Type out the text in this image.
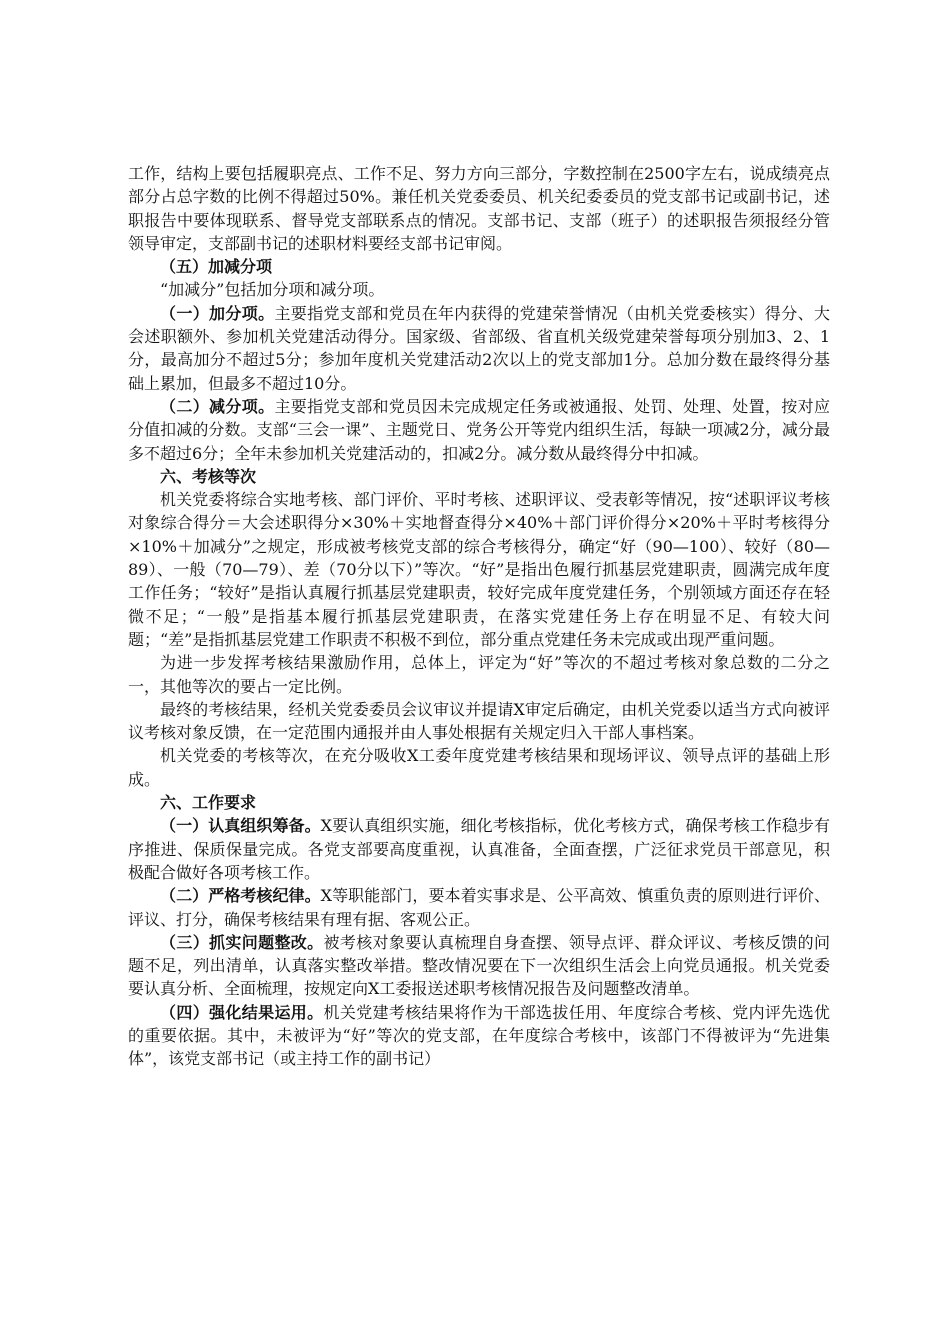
工作，结构上要包括履职亮点、工作不足、努力方向三部分，字数控制在2500字左右，说成绩亮点部分占总字数的比例不得超过50%。兼任机关党委委员、机关纪委委员的党支部书记或副书记，述职报告中要体现联系、督导党支部联系点的情况。支部书记、支部（班子）的述职报告须报经分管领导审定，支部副书记的述职材料要经支部书记审阅。

（五）加减分项

“加减分”包括加分项和减分项。

（一）加分项。主要指党支部和党员在年内获得的党建荣誉情况（由机关党委核实）得分、大会述职额外、参加机关党建活动得分。国家级、省部级、省直机关级党建荣誉每项分别加3、2、1分，最高加分不超过5分；参加年度机关党建活动2次以上的党支部加1分。总加分数在最终得分基础上累加，但最多不超过10分。

（二）减分项。主要指党支部和党员因未完成规定任务或被通报、处罚、处理、处置，按对应分值扣减的分数。支部“三会一课”、主题党日、党务公开等党内组织生活，每缺一项减2分，减分最多不超过6分；全年未参加机关党建活动的，扣减2分。减分数从最终得分中扣减。

六、考核等次

机关党委将综合实地考核、部门评价、平时考核、述职评议、受表彰等情况，按“述职评议考核对象综合得分＝大会述职得分×30%＋实地督查得分×40%＋部门评价得分×20%＋平时考核得分×10%＋加减分”之规定，形成被考核党支部的综合考核得分，确定“好（90—100）、较好（80—89）、一般（70—79）、差（70分以下）”等次。“好”是指出色履行抓基层党建职责，圆满完成年度工作任务；“较好”是指认真履行抓基层党建职责，较好完成年度党建任务，个别领域方面还存在轻微不足；“一般”是指基本履行抓基层党建职责，在落实党建任务上存在明显不足、有较大问题；“差”是指抓基层党建工作职责不积极不到位，部分重点党建任务未完成或出现严重问题。

为进一步发挥考核结果激励作用，总体上，评定为“好”等次的不超过考核对象总数的二分之一，其他等次的要占一定比例。

最终的考核结果，经机关党委委员会议审议并提请X审定后确定，由机关党委以适当方式向被评议考核对象反馈，在一定范围内通报并由人事处根据有关规定归入干部人事档案。

机关党委的考核等次，在充分吸收X工委年度党建考核结果和现场评议、领导点评的基础上形成。

六、工作要求

（一）认真组织筹备。X要认真组织实施，细化考核指标，优化考核方式，确保考核工作稳步有序推进、保质保量完成。各党支部要高度重视，认真准备，全面查摆，广泛征求党员干部意见，积极配合做好各项考核工作。

（二）严格考核纪律。X等职能部门，要本着实事求是、公平高效、慎重负责的原则进行评价、评议、打分，确保考核结果有理有据、客观公正。

（三）抓实问题整改。被考核对象要认真梳理自身查摆、领导点评、群众评议、考核反馈的问题不足，列出清单，认真落实整改举措。整改情况要在下一次组织生活会上向党员通报。机关党委要认真分析、全面梳理，按规定向X工委报送述职考核情况报告及问题整改清单。

（四）强化结果运用。机关党建考核结果将作为干部选拔任用、年度综合考核、党内评先选优的重要依据。其中，未被评为“好”等次的党支部，在年度综合考核中，该部门不得被评为“先进集体”，该党支部书记（或主持工作的副书记）
